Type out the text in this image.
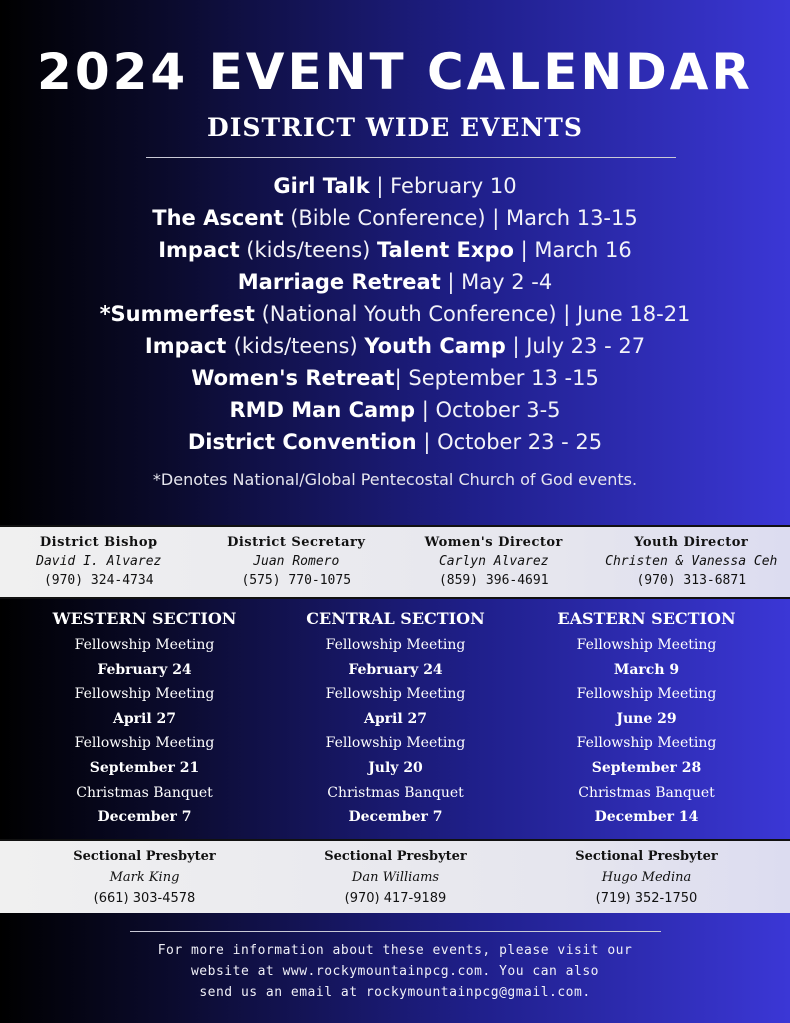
2024 EVENT CALENDAR
DISTRICT WIDE EVENTS
Girl Talk | February 10
The Ascent (Bible Conference) | March 13-15
Impact (kids/teens) Talent Expo | March 16
Marriage Retreat | May 2 -4
*Summerfest (National Youth Conference) | June 18-21
Impact (kids/teens) Youth Camp | July 23 - 27
Women's Retreat| September 13 -15
RMD Man Camp | October 3-5
District Convention | October 23 - 25
*Denotes National/Global Pentecostal Church of God events.
District Bishop
David I. Alvarez
(970) 324-4734
District Secretary
Juan Romero
(575) 770-1075
Women's Director
Carlyn Alvarez
(859) 396-4691
Youth Director
Christen & Vanessa Ceh
(970) 313-6871
WESTERN SECTION
Fellowship Meeting
February 24
Fellowship Meeting
April 27
Fellowship Meeting
September 21
Christmas Banquet
December 7
CENTRAL SECTION
Fellowship Meeting
February 24
Fellowship Meeting
April 27
Fellowship Meeting
July 20
Christmas Banquet
December 7
EASTERN SECTION
Fellowship Meeting
March 9
Fellowship Meeting
June 29
Fellowship Meeting
September 28
Christmas Banquet
December 14
Sectional Presbyter
Mark King
(661) 303-4578
Sectional Presbyter
Dan Williams
(970) 417-9189
Sectional Presbyter
Hugo Medina
(719) 352-1750
For more information about these events, please visit our
website at www.rockymountainpcg.com. You can also
send us an email at rockymountainpcg@gmail.com.
